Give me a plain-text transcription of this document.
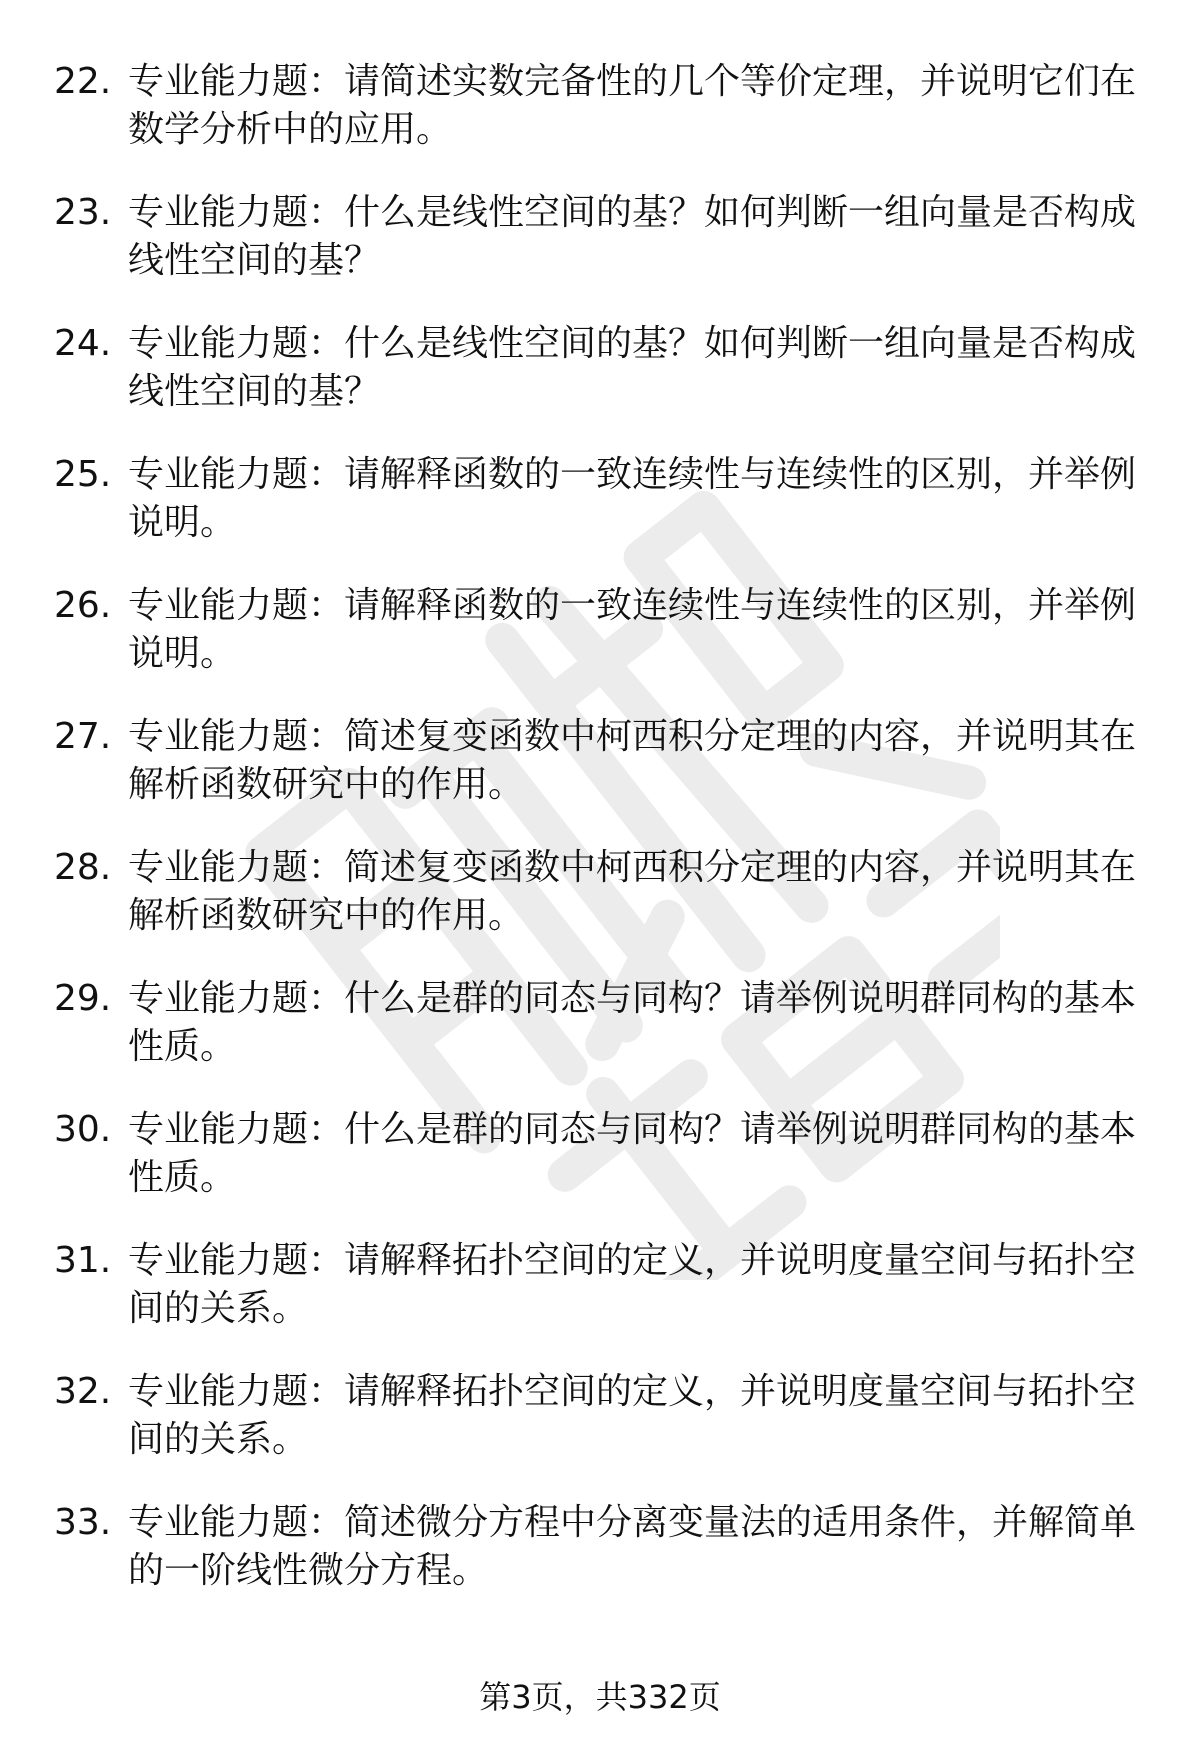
22. 专业能力题：请简述实数完备性的几个等价定理，并说明它们在数学分析中的应用。
23. 专业能力题：什么是线性空间的基？如何判断一组向量是否构成线性空间的基？
24. 专业能力题：什么是线性空间的基？如何判断一组向量是否构成线性空间的基？
25. 专业能力题：请解释函数的一致连续性与连续性的区别，并举例说明。
26. 专业能力题：请解释函数的一致连续性与连续性的区别，并举例说明。
27. 专业能力题：简述复变函数中柯西积分定理的内容，并说明其在解析函数研究中的作用。
28. 专业能力题：简述复变函数中柯西积分定理的内容，并说明其在解析函数研究中的作用。
29. 专业能力题：什么是群的同态与同构？请举例说明群同构的基本性质。
30. 专业能力题：什么是群的同态与同构？请举例说明群同构的基本性质。
31. 专业能力题：请解释拓扑空间的定义，并说明度量空间与拓扑空间的关系。
32. 专业能力题：请解释拓扑空间的定义，并说明度量空间与拓扑空间的关系。
33. 专业能力题：简述微分方程中分离变量法的适用条件，并解简单的一阶线性微分方程。
第3页，共332页
